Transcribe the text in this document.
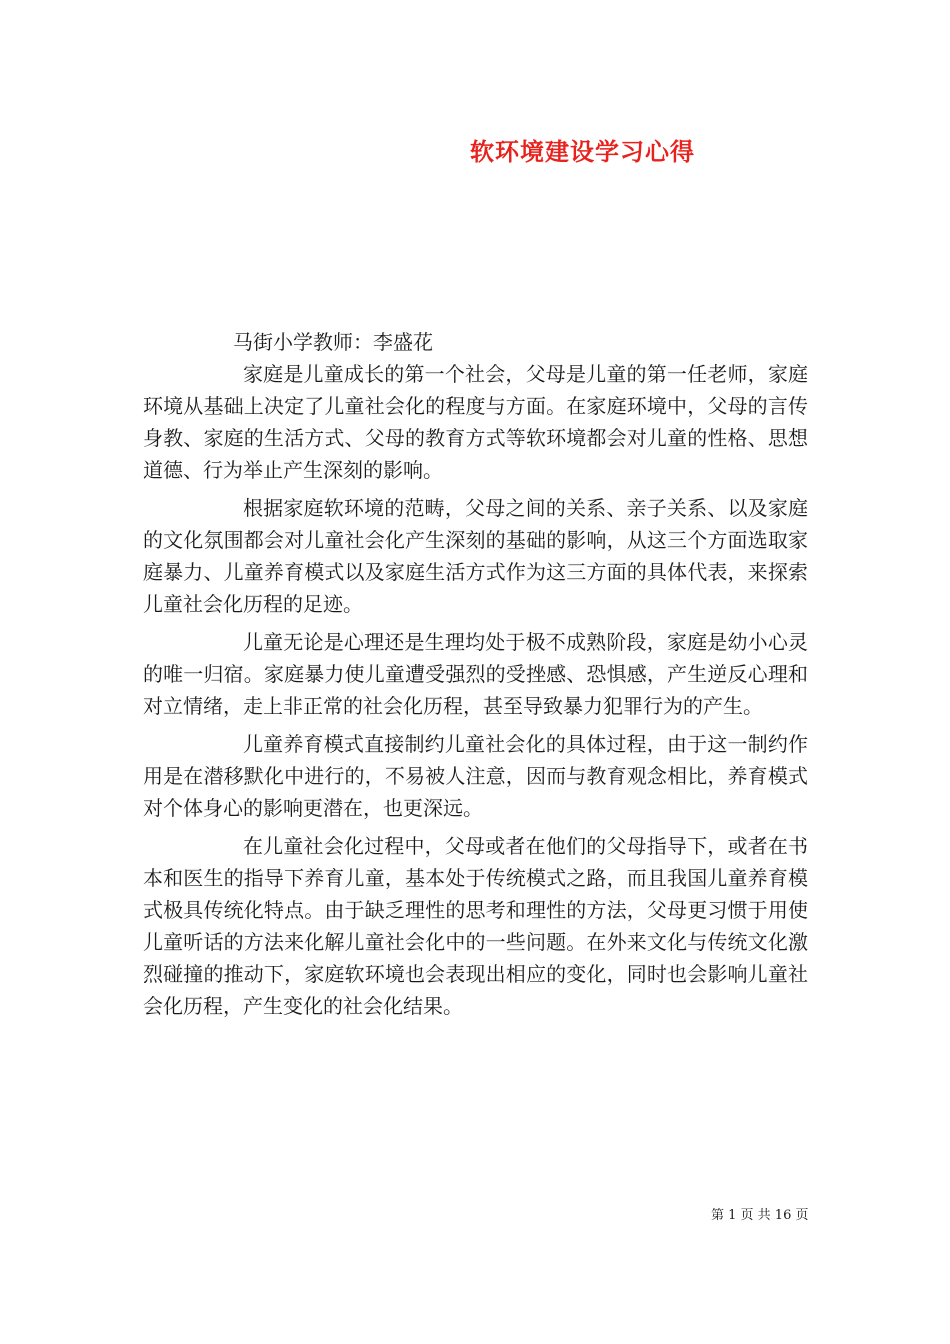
软环境建设学习心得
马街小学教师：李盛花

家庭是儿童成长的第一个社会，父母是儿童的第一任老师，家庭环境从基础上决定了儿童社会化的程度与方面。在家庭环境中，父母的言传身教、家庭的生活方式、父母的教育方式等软环境都会对儿童的性格、思想道德、行为举止产生深刻的影响。

根据家庭软环境的范畴，父母之间的关系、亲子关系、以及家庭的文化氛围都会对儿童社会化产生深刻的基础的影响，从这三个方面选取家庭暴力、儿童养育模式以及家庭生活方式作为这三方面的具体代表，来探索儿童社会化历程的足迹。

儿童无论是心理还是生理均处于极不成熟阶段，家庭是幼小心灵的唯一归宿。家庭暴力使儿童遭受强烈的受挫感、恐惧感，产生逆反心理和对立情绪，走上非正常的社会化历程，甚至导致暴力犯罪行为的产生。

儿童养育模式直接制约儿童社会化的具体过程，由于这一制约作用是在潜移默化中进行的，不易被人注意，因而与教育观念相比，养育模式对个体身心的影响更潜在，也更深远。

在儿童社会化过程中，父母或者在他们的父母指导下，或者在书本和医生的指导下养育儿童，基本处于传统模式之路，而且我国儿童养育模式极具传统化特点。由于缺乏理性的思考和理性的方法，父母更习惯于用使儿童听话的方法来化解儿童社会化中的一些问题。在外来文化与传统文化激烈碰撞的推动下，家庭软环境也会表现出相应的变化，同时也会影响儿童社会化历程，产生变化的社会化结果。

第 1 页 共 16 页
